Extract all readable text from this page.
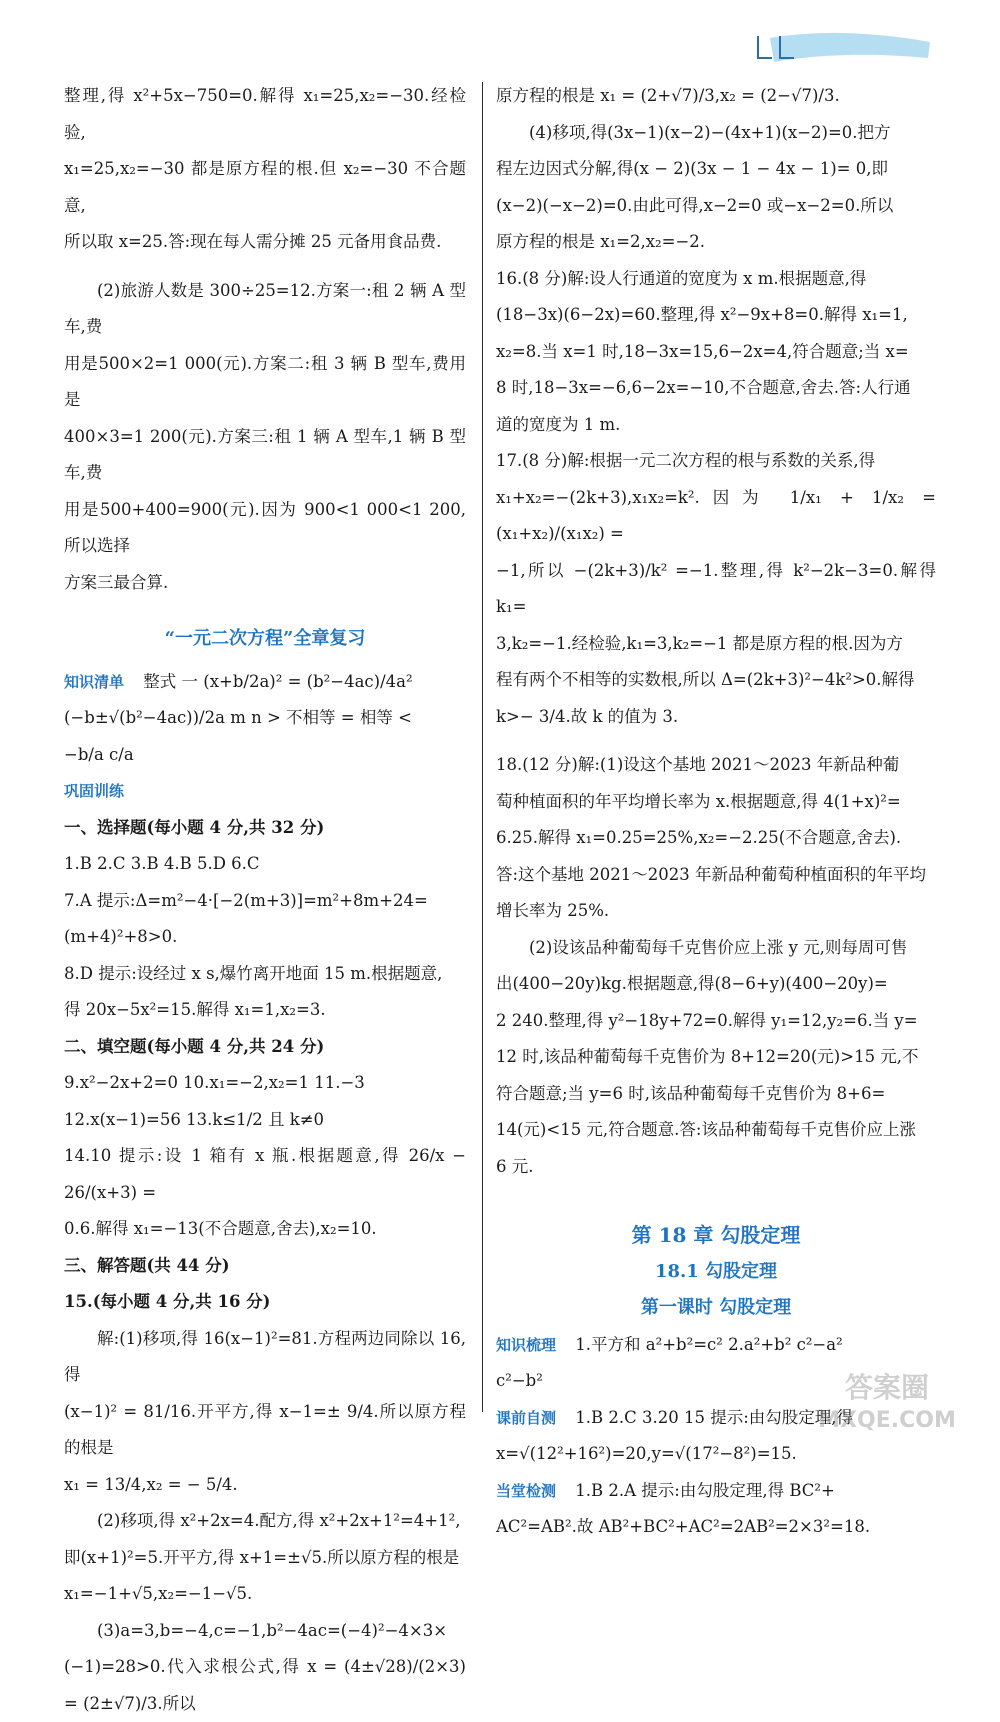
整理,得 x²+5x−750=0.解得 x₁=25,x₂=−30.经检验,

x₁=25,x₂=−30 都是原方程的根.但 x₂=−30 不合题意,

所以取 x=25.答:现在每人需分摊 25 元备用食品费.

(2)旅游人数是 300÷25=12.方案一:租 2 辆 A 型车,费

用是500×2=1 000(元).方案二:租 3 辆 B 型车,费用是

400×3=1 200(元).方案三:租 1 辆 A 型车,1 辆 B 型车,费

用是500+400=900(元).因为 900<1 000<1 200,所以选择

方案三最合算.

“一元二次方程”全章复习

知识清单 整式 一 (x+b/2a)² = (b²−4ac)/4a²

(−b±√(b²−4ac))/2a m n > 不相等 = 相等 <

−b/a c/a

巩固训练

一、选择题(每小题 4 分,共 32 分)

1.B 2.C 3.B 4.B 5.D 6.C

7.A 提示:Δ=m²−4·[−2(m+3)]=m²+8m+24=

(m+4)²+8>0.

8.D 提示:设经过 x s,爆竹离开地面 15 m.根据题意,

得 20x−5x²=15.解得 x₁=1,x₂=3.

二、填空题(每小题 4 分,共 24 分)

9.x²−2x+2=0 10.x₁=−2,x₂=1 11.−3

12.x(x−1)=56 13.k≤1/2 且 k≠0

14.10 提示:设 1 箱有 x 瓶.根据题意,得 26/x − 26/(x+3) =

0.6.解得 x₁=−13(不合题意,舍去),x₂=10.

三、解答题(共 44 分)

15.(每小题 4 分,共 16 分)

解:(1)移项,得 16(x−1)²=81.方程两边同除以 16,得

(x−1)² = 81/16.开平方,得 x−1=± 9/4.所以原方程的根是

x₁ = 13/4,x₂ = − 5/4.

(2)移项,得 x²+2x=4.配方,得 x²+2x+1²=4+1²,

即(x+1)²=5.开平方,得 x+1=±√5.所以原方程的根是

x₁=−1+√5,x₂=−1−√5.

(3)a=3,b=−4,c=−1,b²−4ac=(−4)²−4×3×

(−1)=28>0.代入求根公式,得 x = (4±√28)/(2×3) = (2±√7)/3.所以

原方程的根是 x₁ = (2+√7)/3,x₂ = (2−√7)/3.

(4)移项,得(3x−1)(x−2)−(4x+1)(x−2)=0.把方

程左边因式分解,得(x − 2)(3x − 1 − 4x − 1)= 0,即

(x−2)(−x−2)=0.由此可得,x−2=0 或−x−2=0.所以

原方程的根是 x₁=2,x₂=−2.

16.(8 分)解:设人行通道的宽度为 x m.根据题意,得

(18−3x)(6−2x)=60.整理,得 x²−9x+8=0.解得 x₁=1,

x₂=8.当 x=1 时,18−3x=15,6−2x=4,符合题意;当 x=

8 时,18−3x=−6,6−2x=−10,不合题意,舍去.答:人行通

道的宽度为 1 m.

17.(8 分)解:根据一元二次方程的根与系数的关系,得

x₁+x₂=−(2k+3),x₁x₂=k².因为 1/x₁ + 1/x₂ = (x₁+x₂)/(x₁x₂) =

−1,所以 −(2k+3)/k² =−1.整理,得 k²−2k−3=0.解得 k₁=

3,k₂=−1.经检验,k₁=3,k₂=−1 都是原方程的根.因为方

程有两个不相等的实数根,所以 Δ=(2k+3)²−4k²>0.解得

k>− 3/4.故 k 的值为 3.

18.(12 分)解:(1)设这个基地 2021～2023 年新品种葡

萄种植面积的年平均增长率为 x.根据题意,得 4(1+x)²=

6.25.解得 x₁=0.25=25%,x₂=−2.25(不合题意,舍去).

答:这个基地 2021～2023 年新品种葡萄种植面积的年平均

增长率为 25%.

(2)设该品种葡萄每千克售价应上涨 y 元,则每周可售

出(400−20y)kg.根据题意,得(8−6+y)(400−20y)=

2 240.整理,得 y²−18y+72=0.解得 y₁=12,y₂=6.当 y=

12 时,该品种葡萄每千克售价为 8+12=20(元)>15 元,不

符合题意;当 y=6 时,该品种葡萄每千克售价为 8+6=

14(元)<15 元,符合题意.答:该品种葡萄每千克售价应上涨

6 元.

第 18 章 勾股定理
18.1 勾股定理
第一课时 勾股定理

知识梳理 1.平方和 a²+b²=c² 2.a²+b² c²−a²

c²−b²

课前自测 1.B 2.C 3.20 15 提示:由勾股定理,得

x=√(12²+16²)=20,y=√(17²−8²)=15.

当堂检测 1.B 2.A 提示:由勾股定理,得 BC²+

AC²=AB².故 AB²+BC²+AC²=2AB²=2×3²=18.

答案圈
MXQE.COM
